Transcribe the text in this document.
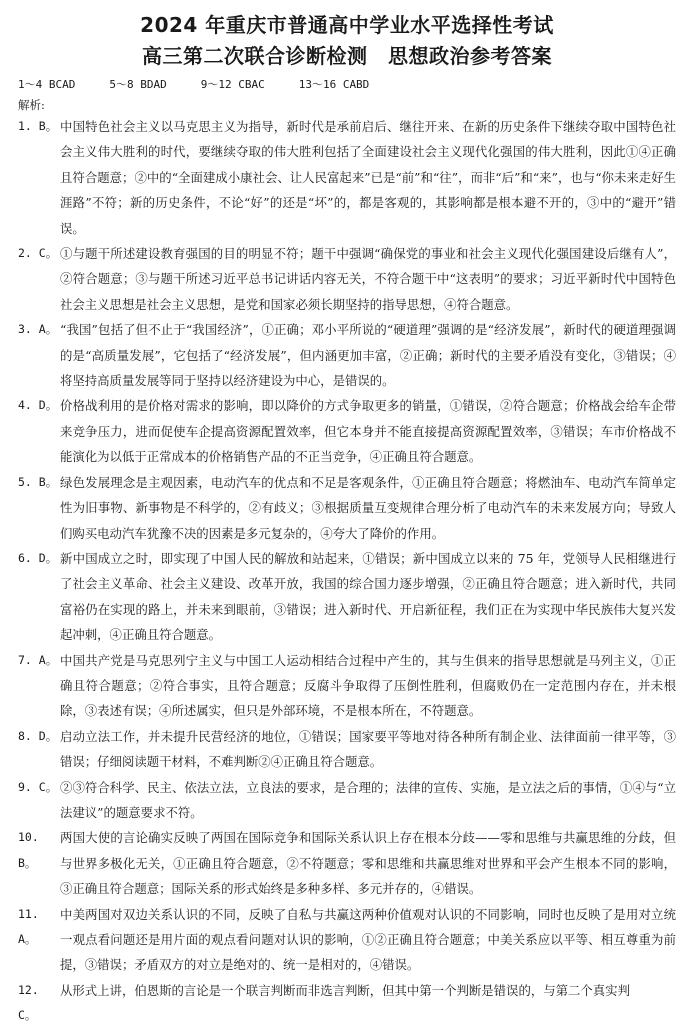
2024 年重庆市普通高中学业水平选择性考试
高三第二次联合诊断检测　思想政治参考答案
1～4 BCAD	5～8 BDAD	9～12 CBAC	13～16 CABD
解析:
1. B。 中国特色社会主义以马克思主义为指导，新时代是承前启后、继往开来、在新的历史条件下继续夺取中国特色社会主义伟大胜利的时代，要继续夺取的伟大胜利包括了全面建设社会主义现代化强国的伟大胜利，因此①④正确且符合题意；②中的“全面建成小康社会、让人民富起来”已是“前”和“往”，而非“后”和“来”，也与“你未来走好生涯路”不符；新的历史条件，不论“好”的还是“坏”的，都是客观的，其影响都是根本避不开的，③中的“避开”错误。
2. C。 ①与题干所述建设教育强国的目的明显不符；题干中强调“确保党的事业和社会主义现代化强国建设后继有人”，②符合题意；③与题干所述习近平总书记讲话内容无关，不符合题干中“这表明”的要求；习近平新时代中国特色社会主义思想是社会主义思想，是党和国家必须长期坚持的指导思想，④符合题意。
3. A。 “我国”包括了但不止于“我国经济”，①正确；邓小平所说的“硬道理”强调的是“经济发展”，新时代的硬道理强调的是“高质量发展”，它包括了“经济发展”，但内涵更加丰富，②正确；新时代的主要矛盾没有变化，③错误；④将坚持高质量发展等同于坚持以经济建设为中心，是错误的。
4. D。 价格战利用的是价格对需求的影响，即以降价的方式争取更多的销量，①错误，②符合题意；价格战会给车企带来竞争压力，进而促使车企提高资源配置效率，但它本身并不能直接提高资源配置效率，③错误；车市价格战不能演化为以低于正常成本的价格销售产品的不正当竞争，④正确且符合题意。
5. B。 绿色发展理念是主观因素，电动汽车的优点和不足是客观条件，①正确且符合题意；将燃油车、电动汽车简单定性为旧事物、新事物是不科学的，②有歧义；③根据质量互变规律合理分析了电动汽车的未来发展方向；导致人们购买电动汽车犹豫不决的因素是多元复杂的，④夸大了降价的作用。
6. D。 新中国成立之时，即实现了中国人民的解放和站起来，①错误；新中国成立以来的 75 年，党领导人民相继进行了社会主义革命、社会主义建设、改革开放，我国的综合国力逐步增强，②正确且符合题意；进入新时代，共同富裕仍在实现的路上，并未来到眼前，③错误；进入新时代、开启新征程，我们正在为实现中华民族伟大复兴发起冲刺，④正确且符合题意。
7. A。 中国共产党是马克思列宁主义与中国工人运动相结合过程中产生的，其与生俱来的指导思想就是马列主义，①正确且符合题意；②符合事实，且符合题意；反腐斗争取得了压倒性胜利，但腐败仍在一定范围内存在，并未根除，③表述有误；④所述属实，但只是外部环境，不是根本所在，不符题意。
8. D。 启动立法工作，并未提升民营经济的地位，①错误；国家要平等地对待各种所有制企业、法律面前一律平等，③错误；仔细阅读题干材料，不难判断②④正确且符合题意。
9. C。 ②③符合科学、民主、依法立法，立良法的要求，是合理的；法律的宣传、实施，是立法之后的事情，①④与“立法建议”的题意要求不符。
10. B。
两国大使的言论确实反映了两国在国际竞争和国际关系认识上存在根本分歧——零和思维与共赢思维的分歧，但与世界多极化无关，①正确且符合题意，②不符题意；零和思维和共赢思维对世界和平会产生根本不同的影响，③正确且符合题意；国际关系的形式始终是多种多样、多元并存的，④错误。
11. A。
中美两国对双边关系认识的不同，反映了自私与共赢这两种价值观对认识的不同影响，同时也反映了是用对立统一观点看问题还是用片面的观点看问题对认识的影响，①②正确且符合题意；中美关系应以平等、相互尊重为前提，③错误；矛盾双方的对立是绝对的、统一是相对的，④错误。
12. C。
从形式上讲，伯恩斯的言论是一个联言判断而非选言判断，但其中第一个判断是错误的，与第二个真实判
